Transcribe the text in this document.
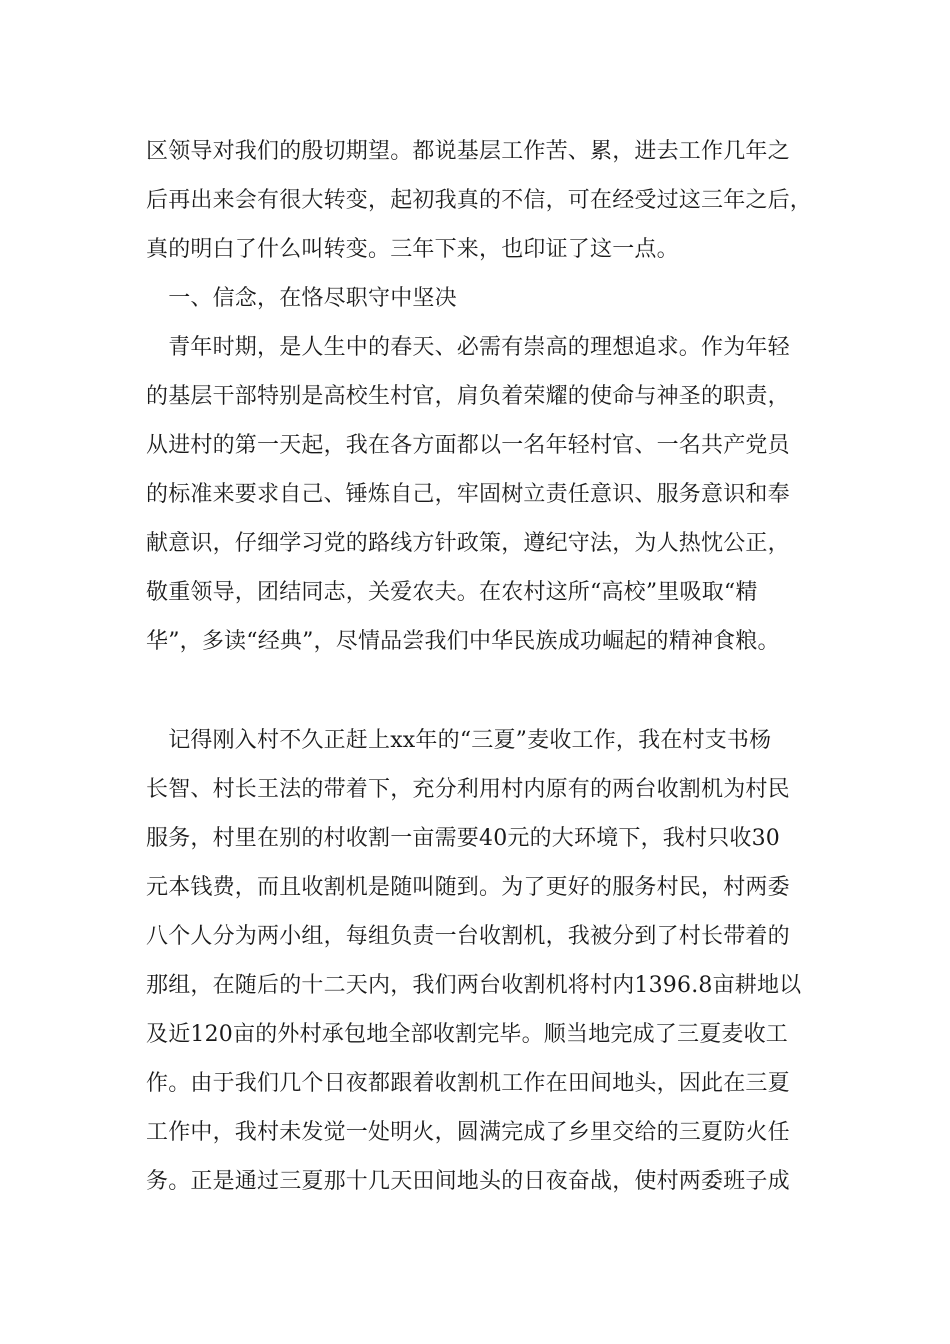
区领导对我们的殷切期望。都说基层工作苦、累，进去工作几年之
后再出来会有很大转变，起初我真的不信，可在经受过这三年之后，
真的明白了什么叫转变。三年下来，也印证了这一点。
　一、信念，在恪尽职守中坚决
　青年时期，是人生中的春天、必需有崇高的理想追求。作为年轻
的基层干部特别是高校生村官，肩负着荣耀的使命与神圣的职责，
从进村的第一天起，我在各方面都以一名年轻村官、一名共产党员
的标准来要求自己、锤炼自己，牢固树立责任意识、服务意识和奉
献意识，仔细学习党的路线方针政策，遵纪守法，为人热忱公正，
敬重领导，团结同志，关爱农夫。在农村这所“高校”里吸取“精
华”，多读“经典”，尽情品尝我们中华民族成功崛起的精神食粮。
　记得刚入村不久正赶上xx年的“三夏”麦收工作，我在村支书杨
长智、村长王法的带着下，充分利用村内原有的两台收割机为村民
服务，村里在别的村收割一亩需要40元的大环境下，我村只收30
元本钱费，而且收割机是随叫随到。为了更好的服务村民，村两委
八个人分为两小组，每组负责一台收割机，我被分到了村长带着的
那组，在随后的十二天内，我们两台收割机将村内1396.8亩耕地以
及近120亩的外村承包地全部收割完毕。顺当地完成了三夏麦收工
作。由于我们几个日夜都跟着收割机工作在田间地头，因此在三夏
工作中，我村未发觉一处明火，圆满完成了乡里交给的三夏防火任
务。正是通过三夏那十几天田间地头的日夜奋战，使村两委班子成
